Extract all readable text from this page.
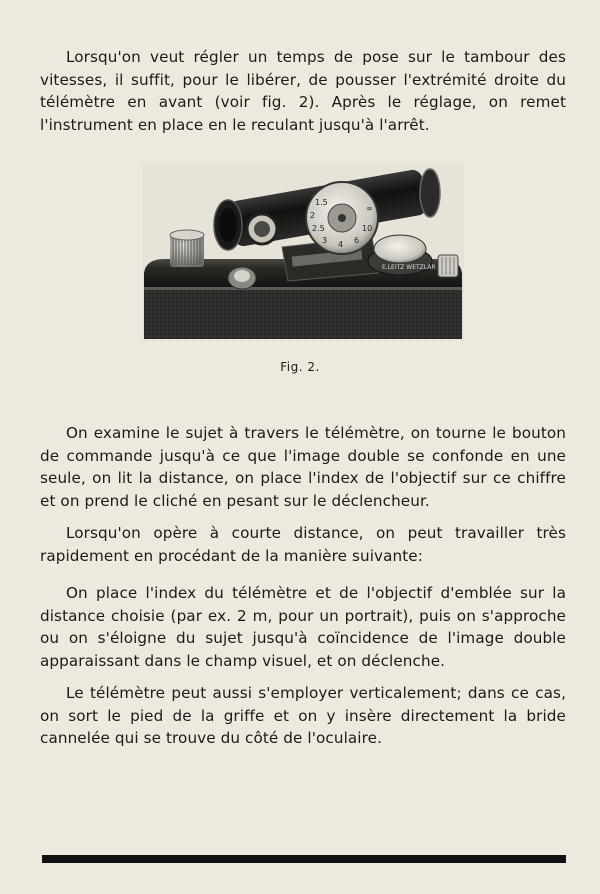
Lorsqu'on veut régler un temps de pose sur le tambour des vitesses, il suffit, pour le libérer, de pousser l'extrémité droite du télémètre en avant (voir fig. 2). Après le réglage, on remet l'instrument en place en le reculant jusqu'à l'arrêt.

1.5
2
2.5
3 4 6
10
∞
E.LEITZ WETZLAR
Fig. 2.

On examine le sujet à travers le télémètre, on tourne le bouton de commande jusqu'à ce que l'image double se confonde en une seule, on lit la distance, on place l'index de l'objectif sur ce chiffre et on prend le cliché en pesant sur le déclencheur.

Lorsqu'on opère à courte distance, on peut travailler très rapidement en procédant de la manière suivante:

On place l'index du télémètre et de l'objectif d'emblée sur la distance choisie (par ex. 2 m, pour un portrait), puis on s'approche ou on s'éloigne du sujet jusqu'à coïncidence de l'image double apparaissant dans le champ visuel, et on déclenche.

Le télémètre peut aussi s'employer verticalement; dans ce cas, on sort le pied de la griffe et on y insère directement la bride cannelée qui se trouve du côté de l'oculaire.
